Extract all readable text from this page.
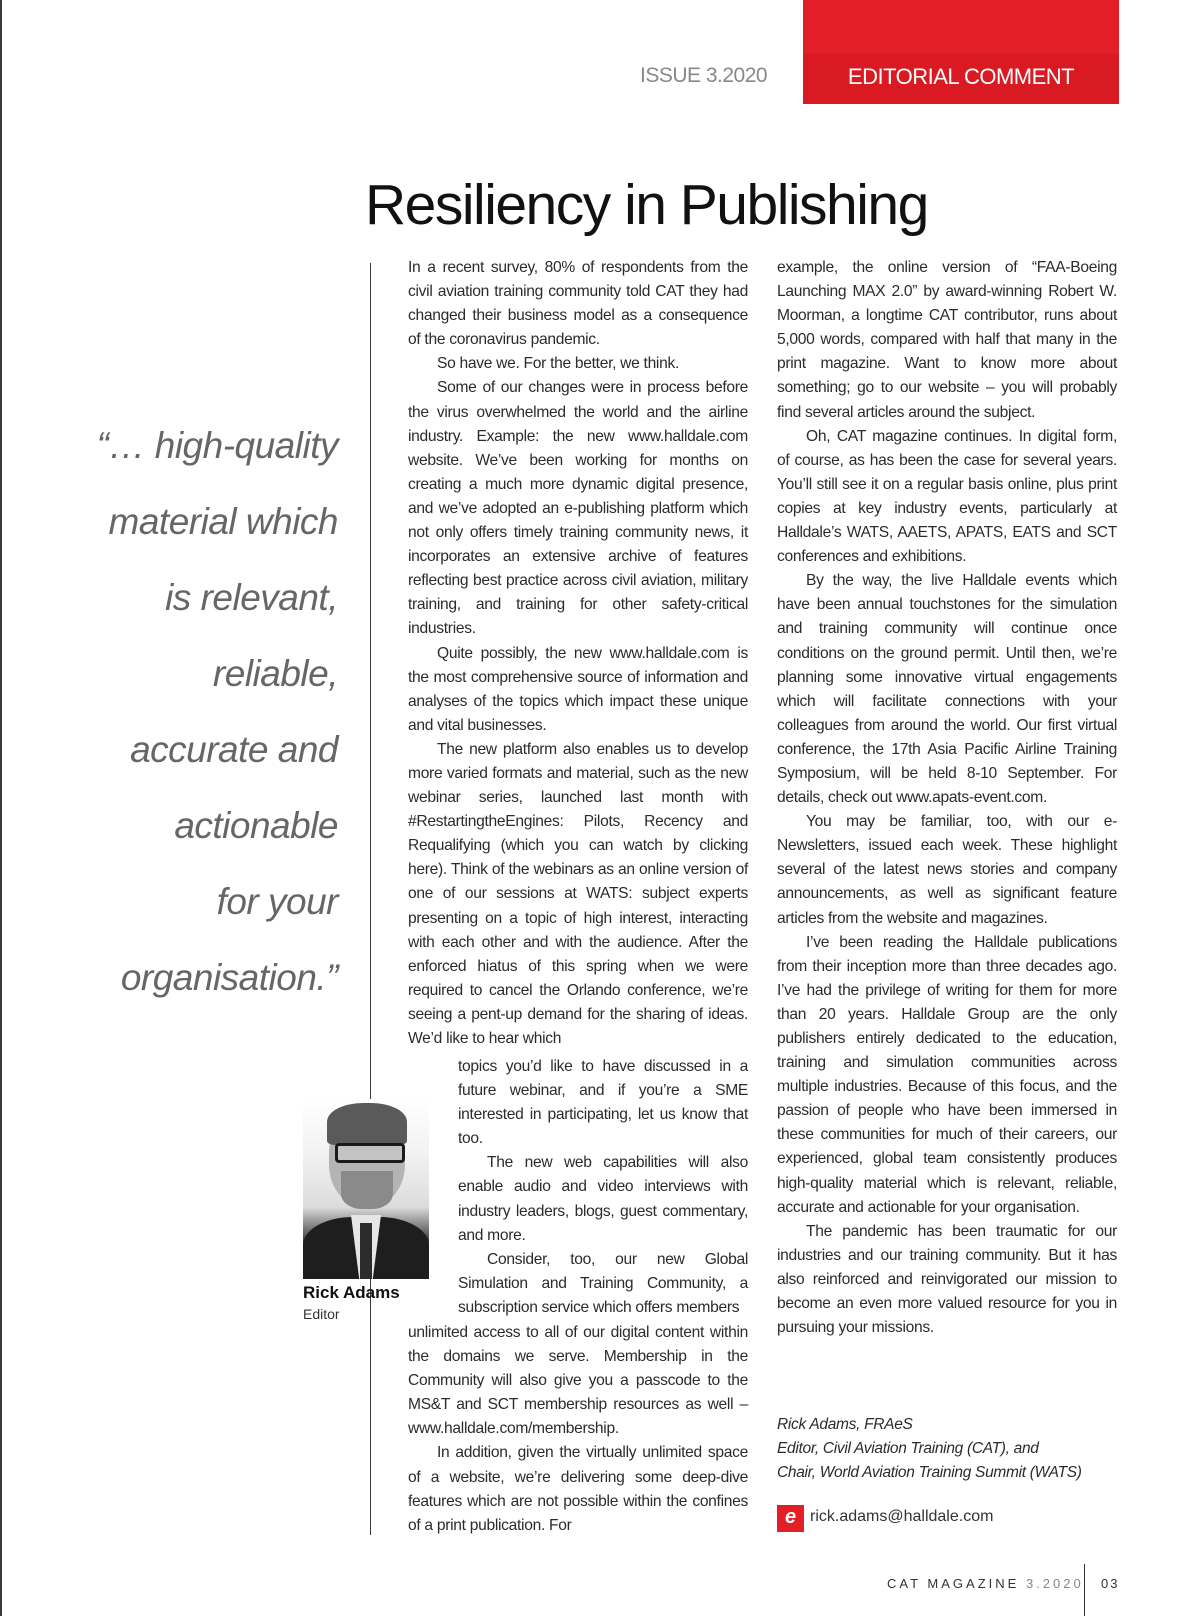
ISSUE 3.2020	EDITORIAL COMMENT
Resiliency in Publishing
“… high-quality
material which
is relevant,
reliable,
accurate and
actionable
for your
organisation.”
Rick Adams
Editor

In a recent survey, 80% of respondents from the civil aviation training community told CAT they had changed their business model as a consequence of the coronavirus pandemic.

So have we. For the better, we think.

Some of our changes were in process before the virus overwhelmed the world and the airline industry. Example: the new www.halldale.com website. We’ve been working for months on creating a much more dynamic digital presence, and we’ve adopted an e-publishing platform which not only offers timely training community news, it incorporates an extensive archive of features reflecting best practice across civil aviation, military training, and training for other safety-critical industries.

Quite possibly, the new www.halldale.com is the most comprehensive source of information and analyses of the topics which impact these unique and vital businesses.

The new platform also enables us to develop more varied formats and material, such as the new webinar series, launched last month with #RestartingtheEngines: Pilots, Recency and Requalifying (which you can watch by clicking here). Think of the webinars as an online version of one of our sessions at WATS: subject experts presenting on a topic of high interest, interacting with each other and with the audience. After the enforced hiatus of this spring when we were required to cancel the Orlando conference, we’re seeing a pent-up demand for the sharing of ideas. We’d like to hear which

topics you’d like to have discussed in a future webinar, and if you’re a SME interested in participating, let us know that too.

The new web capabilities will also enable audio and video interviews with industry leaders, blogs, guest commentary, and more.

Consider, too, our new Global Simulation and Training Community, a subscription service which offers members

unlimited access to all of our digital content within the domains we serve. Membership in the Community will also give you a passcode to the MS&T and SCT membership resources as well – www.halldale.com/membership.

In addition, given the virtually unlimited space of a website, we’re delivering some deep-dive features which are not possible within the confines of a print publication. For

example, the online version of “FAA-Boeing Launching MAX 2.0” by award-winning Robert W. Moorman, a longtime CAT contributor, runs about 5,000 words, compared with half that many in the print magazine. Want to know more about something; go to our website – you will probably find several articles around the subject.

Oh, CAT magazine continues. In digital form, of course, as has been the case for several years. You’ll still see it on a regular basis online, plus print copies at key industry events, particularly at Halldale’s WATS, AAETS, APATS, EATS and SCT conferences and exhibitions.

By the way, the live Halldale events which have been annual touchstones for the simulation and training community will continue once conditions on the ground permit. Until then, we’re planning some innovative virtual engagements which will facilitate connections with your colleagues from around the world. Our first virtual conference, the 17th Asia Pacific Airline Training Symposium, will be held 8-10 September. For details, check out www.apats-event.com.

You may be familiar, too, with our e-Newsletters, issued each week. These highlight several of the latest news stories and company announcements, as well as significant feature articles from the website and magazines.

I’ve been reading the Halldale publications from their inception more than three decades ago. I’ve had the privilege of writing for them for more than 20 years. Halldale Group are the only publishers entirely dedicated to the education, training and simulation communities across multiple industries. Because of this focus, and the passion of people who have been immersed in these communities for much of their careers, our experienced, global team consistently produces high-quality material which is relevant, reliable, accurate and actionable for your organisation.

The pandemic has been traumatic for our industries and our training community. But it has also reinforced and reinvigorated our mission to become an even more valued resource for you in pursuing your missions.

Rick Adams, FRAeS
Editor, Civil Aviation Training (CAT), and
Chair, World Aviation Training Summit (WATS)
e rick.adams@halldale.com
CAT MAGAZINE 3.2020 03
